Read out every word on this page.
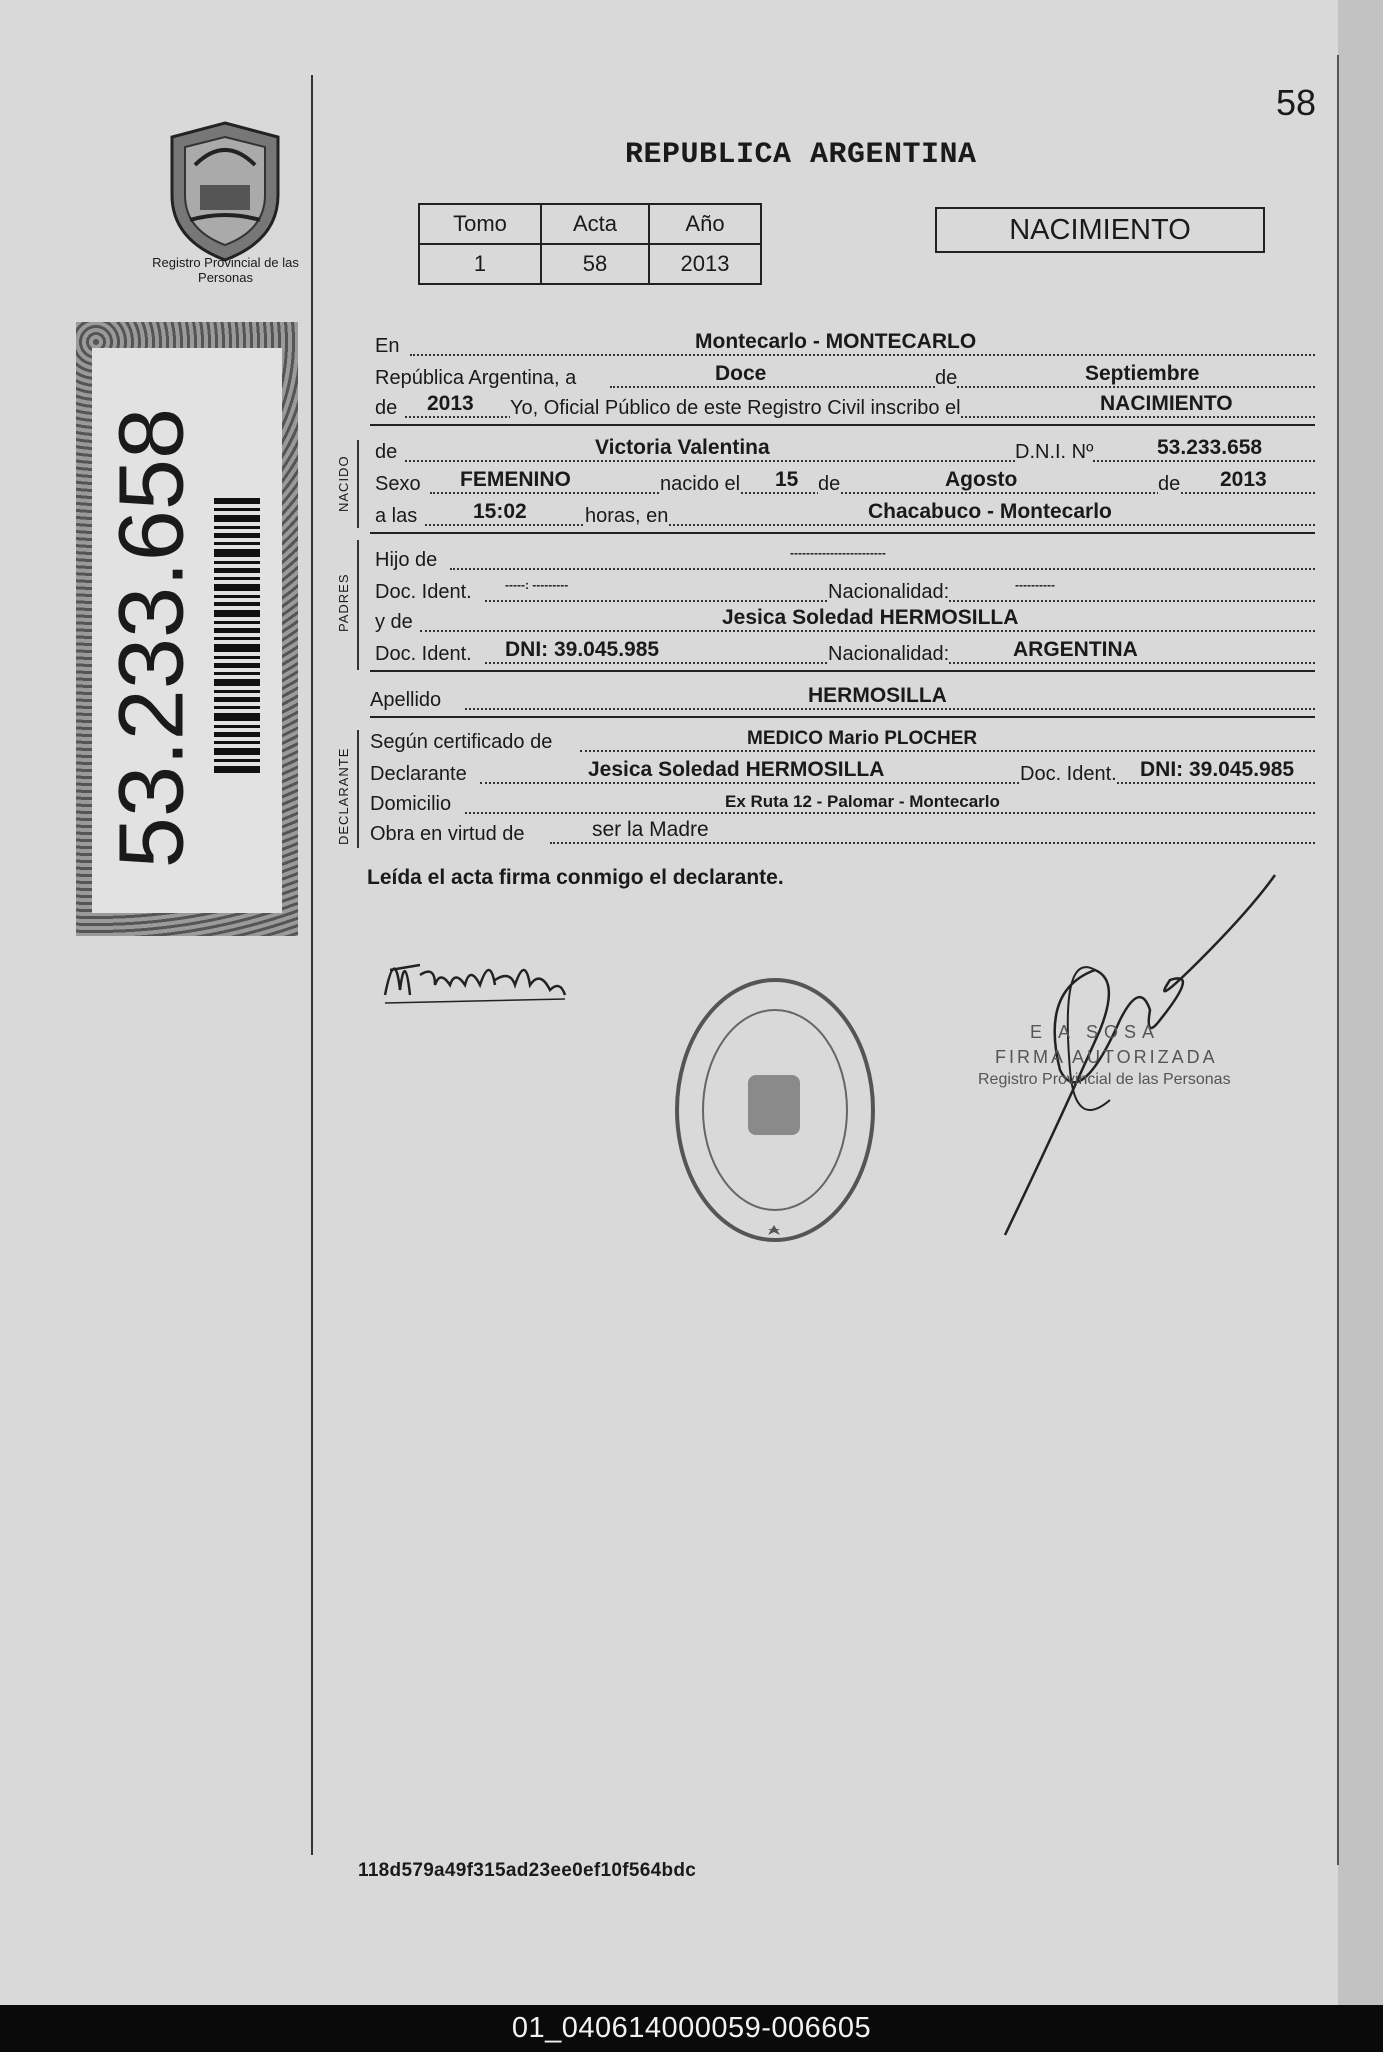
58
REPUBLICA ARGENTINA
Registro Provincial de las Personas
53.233.658
Tomo	Acta	Año
1	58	2013
NACIMIENTO
NACIDO
PADRES
DECLARANTE
En	Montecarlo - MONTECARLO
República Argentina, a	Doce	de	Septiembre
de 2013 Yo, Oficial Público de este Registro Civil inscribo el	NACIMIENTO
de	Victoria Valentina	D.N.I. Nº	53.233.658
Sexo FEMENINO	nacido el 15 de	Agosto	de 2013
a las	15:02	horas, en	Chacabuco - Montecarlo
Hijo de	------------------------
Doc. Ident.	-----: ---------	Nacionalidad:	----------
y de	Jesica Soledad HERMOSILLA
Doc. Ident. DNI: 39.045.985	Nacionalidad:	ARGENTINA
Apellido	HERMOSILLA
Según certificado de	MEDICO Mario PLOCHER
Declarante	Jesica Soledad HERMOSILLA	Doc. Ident. DNI: 39.045.985
Domicilio	Ex Ruta 12 - Palomar - Montecarlo
Obra en virtud de	ser la Madre
Leída el acta firma conmigo el declarante.
E A SOSA
FIRMA AUTORIZADA
Registro Provincial de las Personas
118d579a49f315ad23ee0ef10f564bdc
01_040614000059-006605
